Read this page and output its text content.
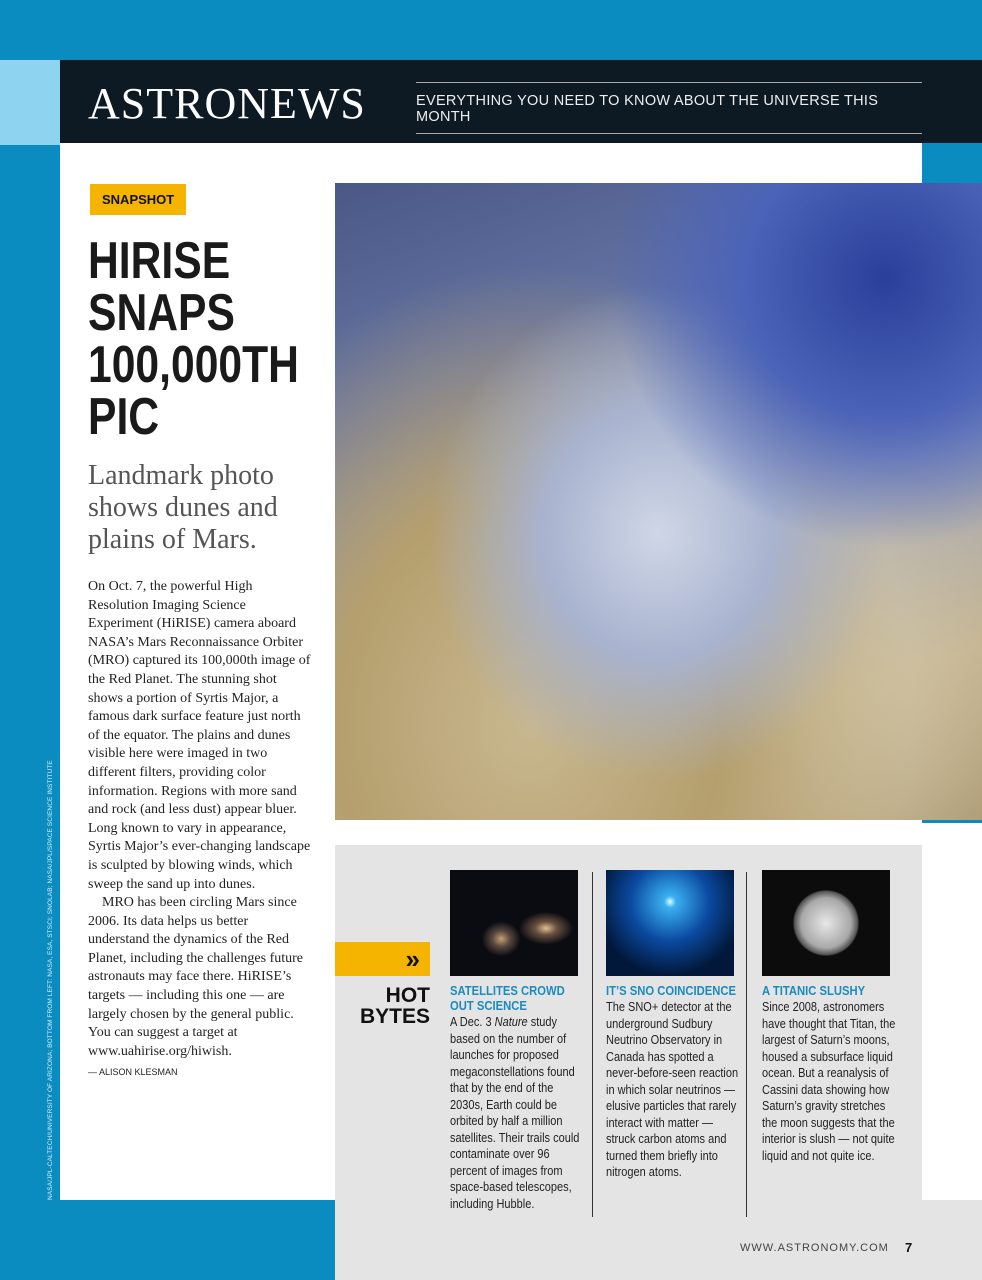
ASTRONEWS	EVERYTHING YOU NEED TO KNOW ABOUT THE UNIVERSE THIS MONTH
SNAPSHOT
HIRISE SNAPS 100,000TH PIC
Landmark photo shows dunes and plains of Mars.

On Oct. 7, the powerful High Resolution Imaging Science Experiment (HiRISE) camera aboard NASA’s Mars Reconnaissance Orbiter (MRO) captured its 100,000th image of the Red Planet. The stunning shot shows a portion of Syrtis Major, a famous dark surface feature just north of the equator. The plains and dunes visible here were imaged in two different filters, providing color information. Regions with more sand and rock (and less dust) appear bluer. Long known to vary in appearance, Syrtis Major’s ever-changing landscape is sculpted by blowing winds, which sweep the sand up into dunes.

MRO has been circling Mars since 2006. Its data helps us better understand the dynamics of the Red Planet, including the challenges future astronauts may face there. HiRISE’s targets — including this one — are largely chosen by the general public. You can suggest a target at www.uahirise.org/hiwish.

— ALISON KLESMAN
NASA/JPL-CALTECH/UNIVERSITY OF ARIZONA; BOTTOM FROM LEFT: NASA, ESA, STSCI; SNOLAB; NASA/JPL/SPACE SCIENCE INSTITUTE	»
HOT
BYTES
SATELLITES CROWD OUT SCIENCE

A Dec. 3 Nature study based on the number of launches for proposed megaconstellations found that by the end of the 2030s, Earth could be orbited by half a million satellites. Their trails could contaminate over 96 percent of images from space-based telescopes, including Hubble.

IT’S SNO COINCIDENCE

The SNO+ detector at the underground Sudbury Neutrino Observatory in Canada has spotted a never-before-seen reaction in which solar neutrinos — elusive particles that rarely interact with matter — struck carbon atoms and turned them briefly into nitrogen atoms.

A TITANIC SLUSHY

Since 2008, astronomers have thought that Titan, the largest of Saturn’s moons, housed a subsurface liquid ocean. But a reanalysis of Cassini data showing how Saturn’s gravity stretches the moon suggests that the interior is slush — not quite liquid and not quite ice.

WWW.ASTRONOMY.COM 7
